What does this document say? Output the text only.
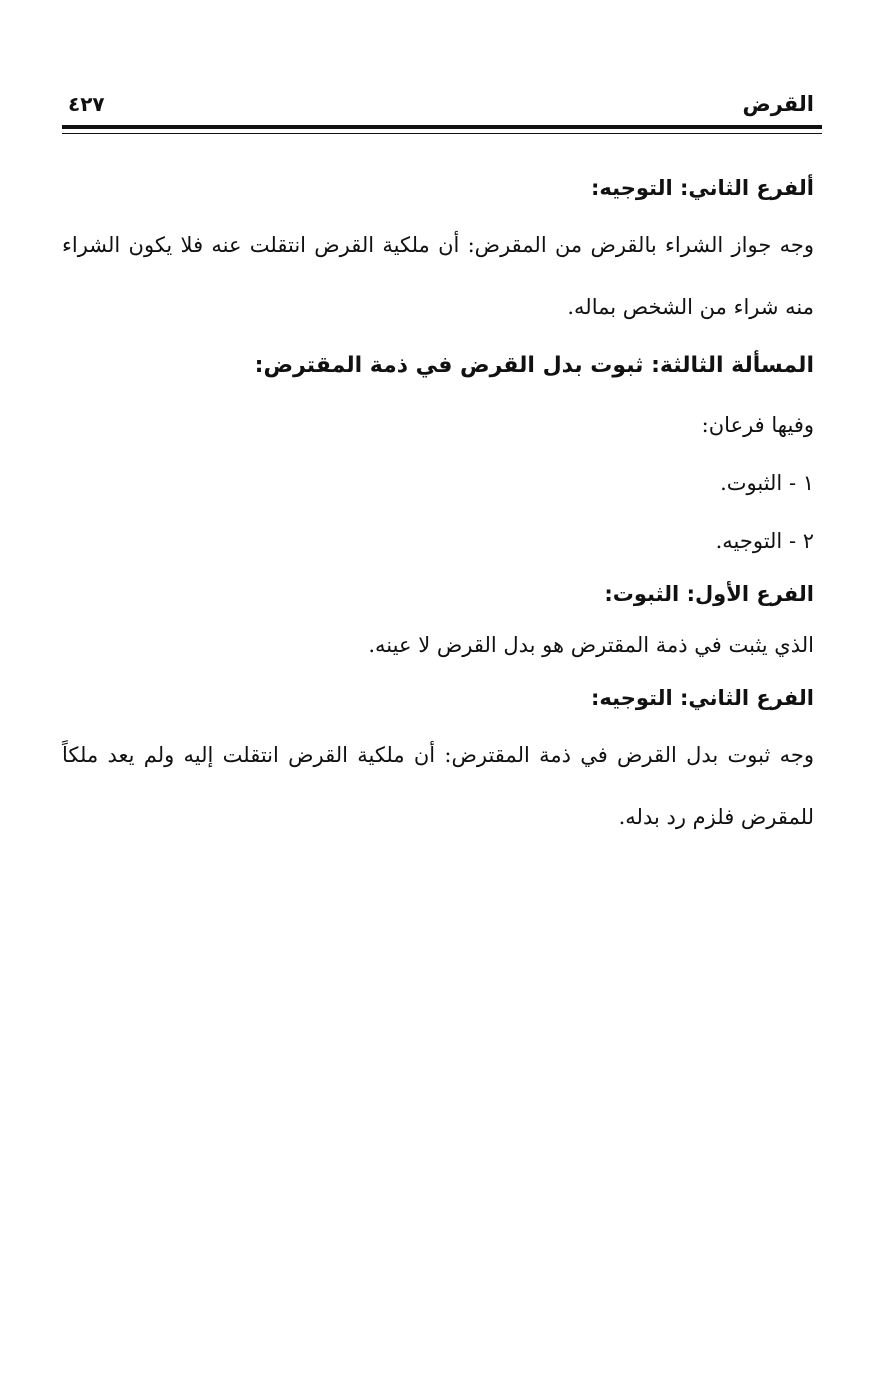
القرض
٤٢٧

ألفرع الثاني: التوجيه:

وجه جواز الشراء بالقرض من المقرض: أن ملكية القرض انتقلت عنه فلا يكون الشراء منه شراء من الشخص بماله.

المسألة الثالثة: ثبوت بدل القرض في ذمة المقترض:

وفيها فرعان:

١ - الثبوت.

٢ - التوجيه.

الفرع الأول: الثبوت:

الذي يثبت في ذمة المقترض هو بدل القرض لا عينه.

الفرع الثاني: التوجيه:

وجه ثبوت بدل القرض في ذمة المقترض: أن ملكية القرض انتقلت إليه ولم يعد ملكاً للمقرض فلزم رد بدله.
